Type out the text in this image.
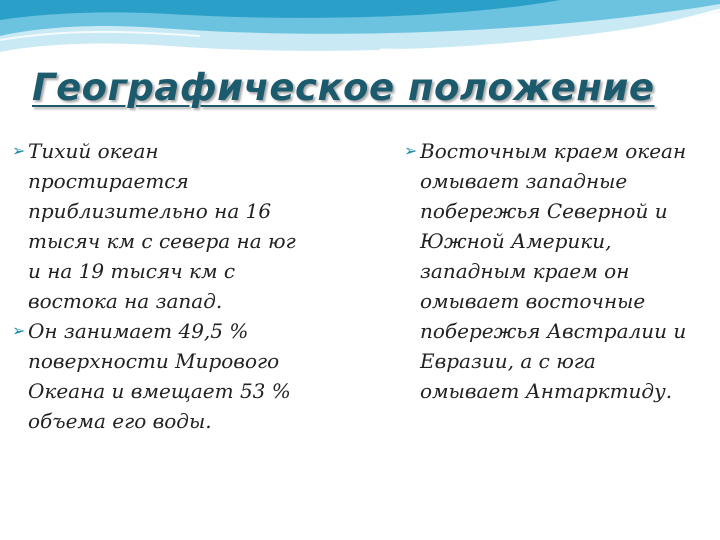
Географическое положение
➢ Тихий океан
простирается
приблизительно на 16
тысяч км с севера на юг
и на 19 тысяч км с
востока на запад.
➢ Он занимает 49,5 %
поверхности Мирового
Океана и вмещает 53 %
объема его воды.
➢ Восточным краем океан
омывает западные
побережья Северной и
Южной Америки,
западным краем он
омывает восточные
побережья Австралии и
Евразии, а с юга
омывает Антарктиду.
